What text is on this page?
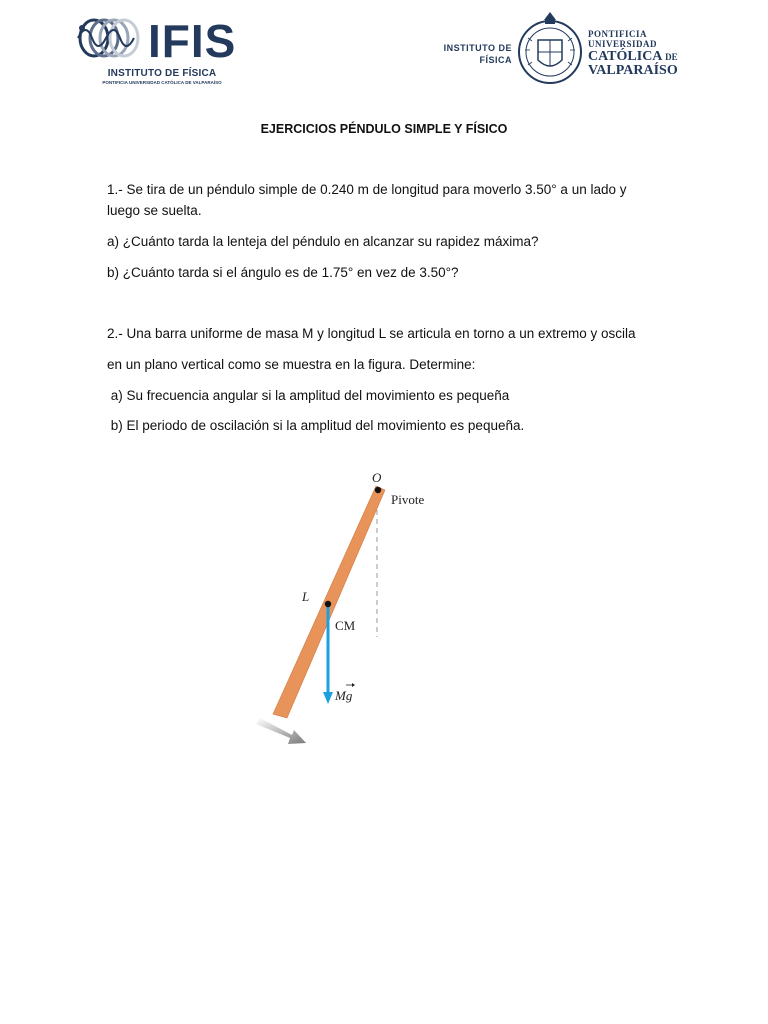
IFIS
INSTITUTO DE FÍSICA
PONTIFICIA UNIVERSIDAD CATÓLICA DE VALPARAÍSO
INSTITUTO DE
FÍSICA
PONTIFICIA
UNIVERSIDAD
CATÓLICA DE
VALPARAÍSO
EJERCICIOS PÉNDULO SIMPLE Y FÍSICO
1.- Se tira de un péndulo simple de 0.240 m de longitud para moverlo 3.50° a un lado y
luego se suelta.
a) ¿Cuánto tarda la lenteja del péndulo en alcanzar su rapidez máxima?
b) ¿Cuánto tarda si el ángulo es de 1.75° en vez de 3.50°?
2.- Una barra uniforme de masa M y longitud L se articula en torno a un extremo y oscila
en un plano vertical como se muestra en la figura. Determine:
a) Su frecuencia angular si la amplitud del movimiento es pequeña
b) El periodo de oscilación si la amplitud del movimiento es pequeña.
O
Pivote
L
CM
Mg
